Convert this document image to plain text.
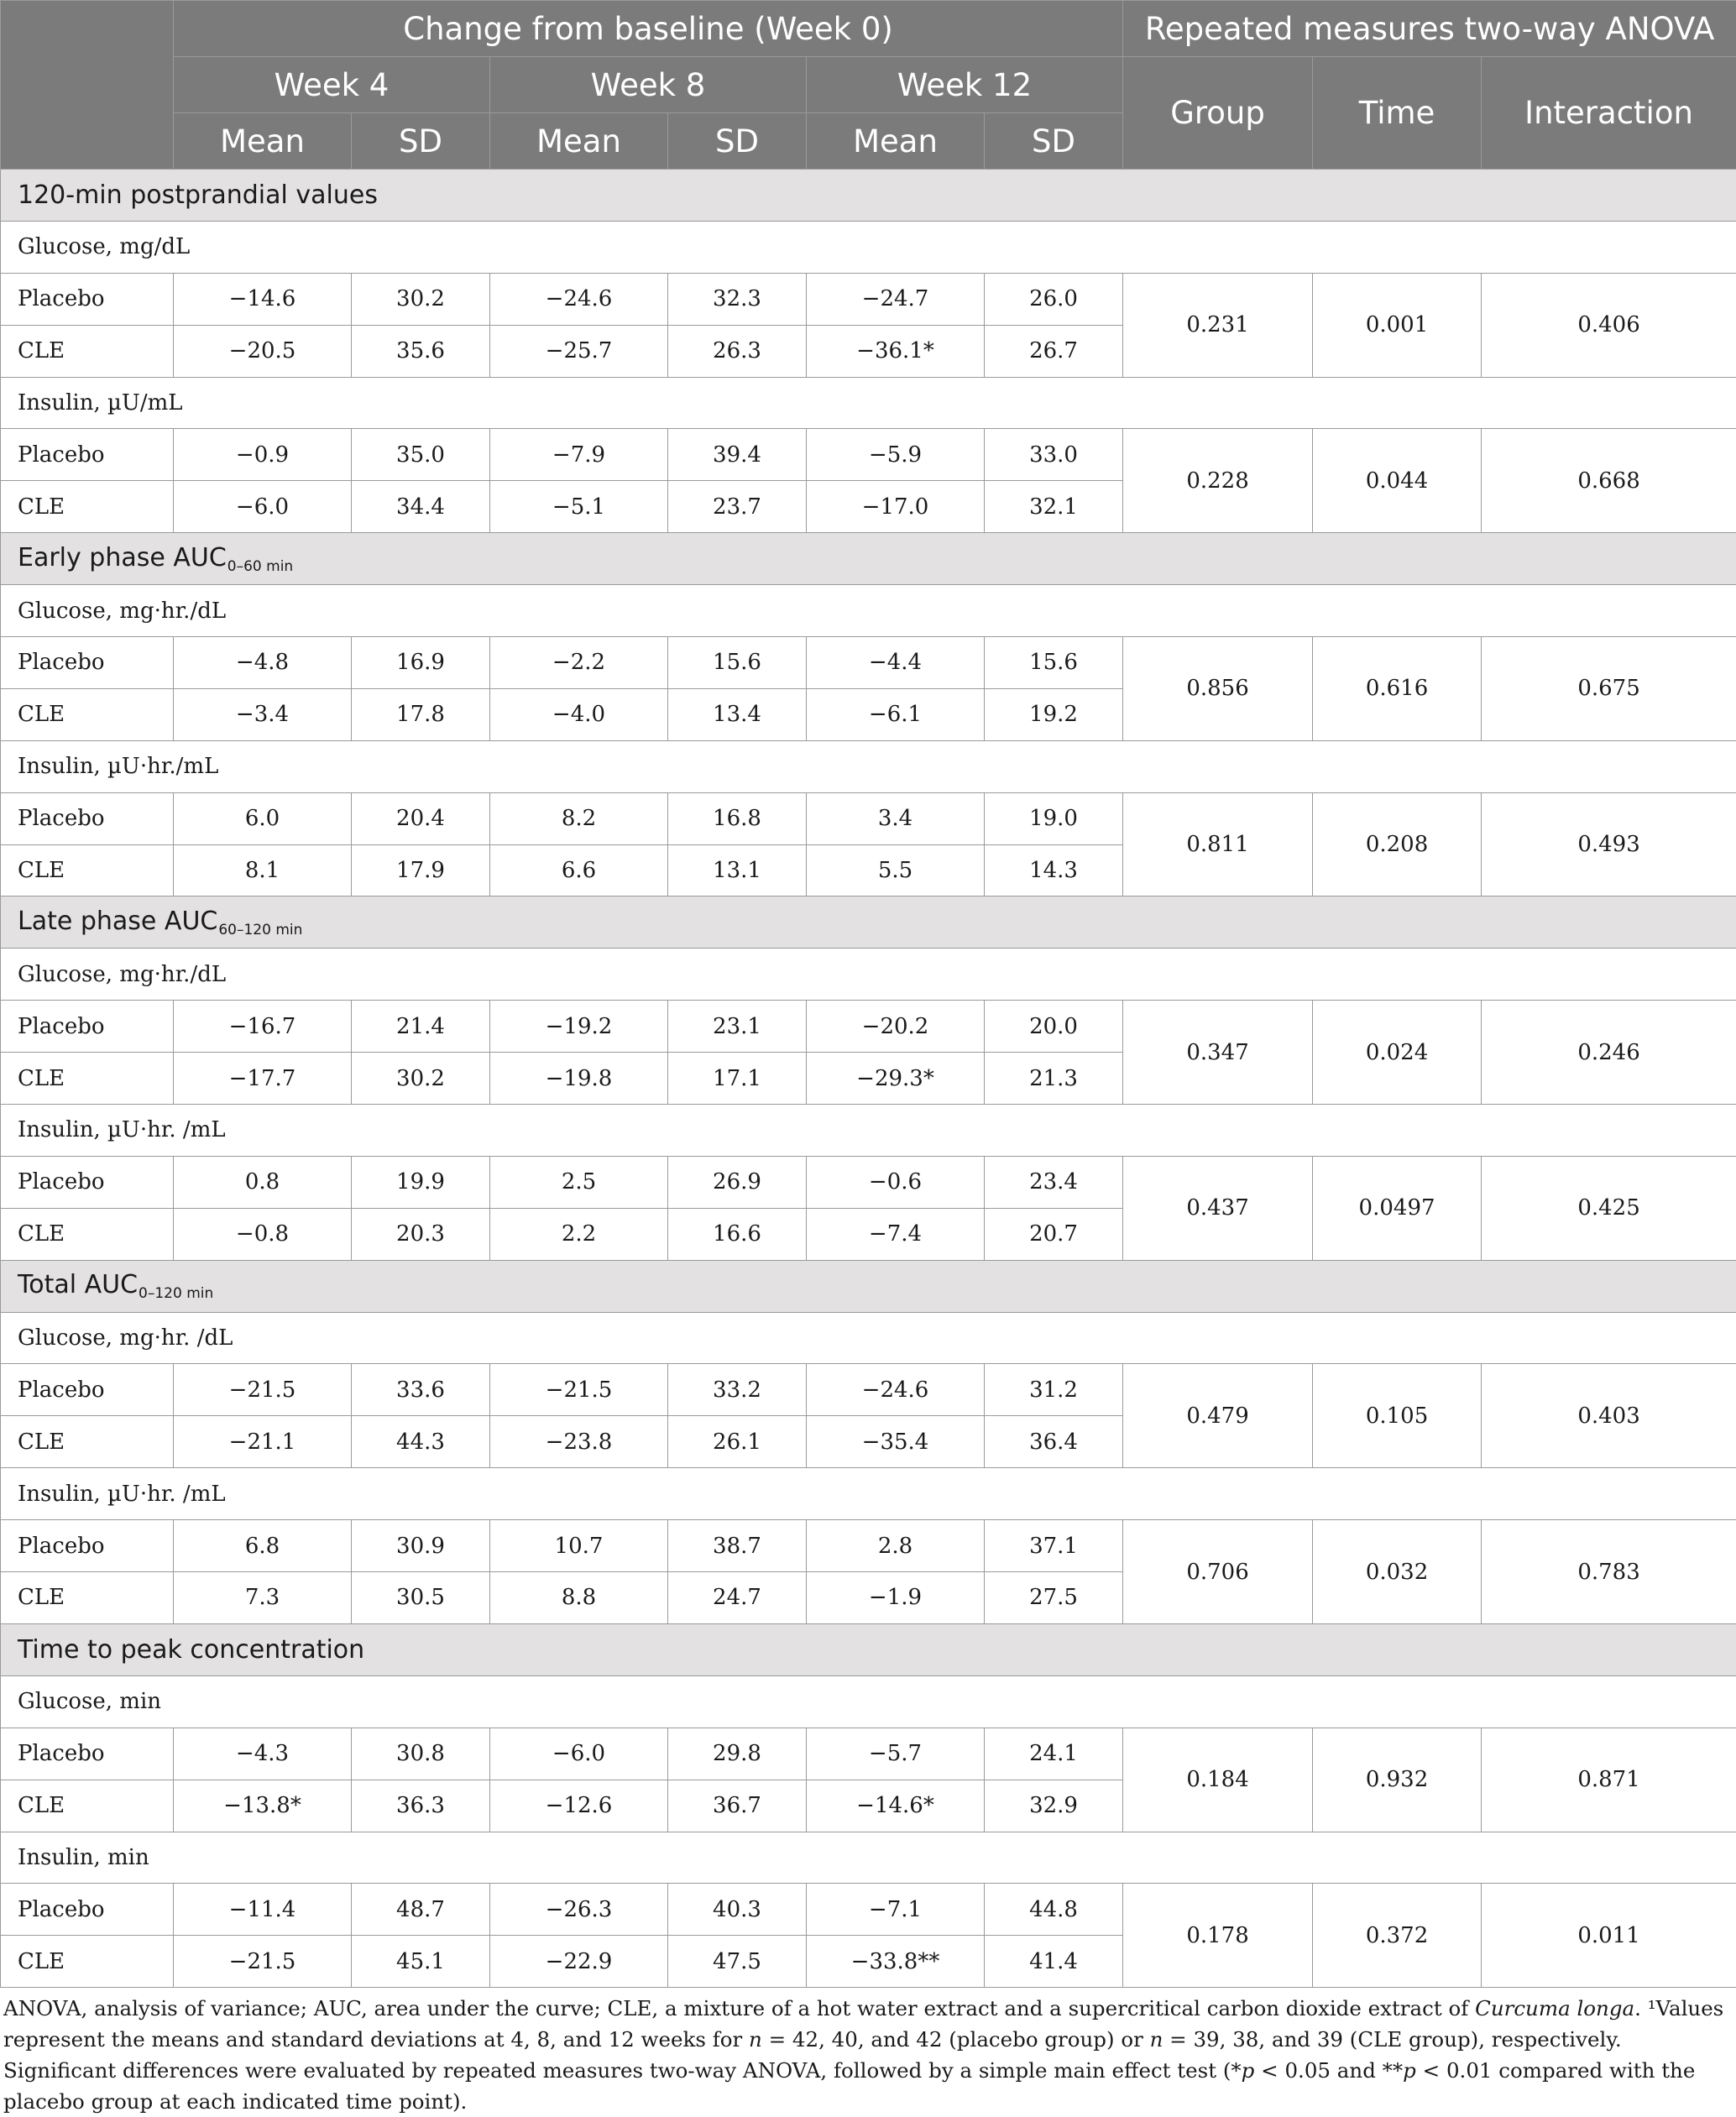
	Change from baseline (Week 0)						Repeated measures two-way ANOVA		
	Week 4		Week 8		Week 12		Group	Time	Interaction
	Mean	SD	Mean	SD	Mean	SD			
120-min postprandial values									
Glucose, mg/dL									
Placebo	−14.6	30.2	−24.6	32.3	−24.7	26.0	0.231	0.001	0.406
CLE	−20.5	35.6	−25.7	26.3	−36.1*	26.7			
Insulin, µU/mL									
Placebo	−0.9	35.0	−7.9	39.4	−5.9	33.0	0.228	0.044	0.668
CLE	−6.0	34.4	−5.1	23.7	−17.0	32.1			
Early phase $AUC_{0-60 min}$
Glucose, mg·hr./dL									
Placebo	−4.8	16.9	−2.2	15.6	−4.4	15.6	0.856	0.616	0.675
CLE	−3.4	17.8	−4.0	13.4	−6.1	19.2			
Insulin, µU·hr./mL									
Placebo	6.0	20.4	8.2	16.8	3.4	19.0	0.811	0.208	0.493
CLE	8.1	17.9	6.6	13.1	5.5	14.3			
Late phase $AUC_{60-120 min}$
Glucose, mg·hr./dL									
Placebo	−16.7	21.4	−19.2	23.1	−20.2	20.0	0.347	0.024	0.246
CLE	−17.7	30.2	−19.8	17.1	−29.3*	21.3			
Insulin, µU·hr. /mL									
Placebo	0.8	19.9	2.5	26.9	−0.6	23.4	0.437	0.0497	0.425
CLE	−0.8	20.3	2.2	16.6	−7.4	20.7			
Total $AUC_{0-120 min}$
Glucose, mg·hr. /dL									
Placebo	−21.5	33.6	−21.5	33.2	−24.6	31.2	0.479	0.105	0.403
CLE	−21.1	44.3	−23.8	26.1	−35.4	36.4			
Insulin, µU·hr. /mL									
Placebo	6.8	30.9	10.7	38.7	2.8	37.1	0.706	0.032	0.783
CLE	7.3	30.5	8.8	24.7	−1.9	27.5			
Time to peak concentration									
Glucose, min									
Placebo	−4.3	30.8	−6.0	29.8	−5.7	24.1	0.184	0.932	0.871
CLE	−13.8*	36.3	−12.6	36.7	−14.6*	32.9			
Insulin, min									
Placebo	−11.4	48.7	−26.3	40.3	−7.1	44.8	0.178	0.372	0.011
CLE	−21.5	45.1	−22.9	47.5	−33.8**	41.4			
ANOVA, analysis of variance; AUC, area under the curve; CLE, a mixture of a hot water extract and a supercritical carbon dioxide extract of Curcuma longa. ¹Values represent the means and standard deviations at 4, 8, and 12 weeks for n = 42, 40, and 42 (placebo group) or n = 39, 38, and 39 (CLE group), respectively. Significant differences were evaluated by repeated measures two-way ANOVA, followed by a simple main effect test (*p < 0.05 and **p < 0.01 compared with the placebo group at each indicated time point).
